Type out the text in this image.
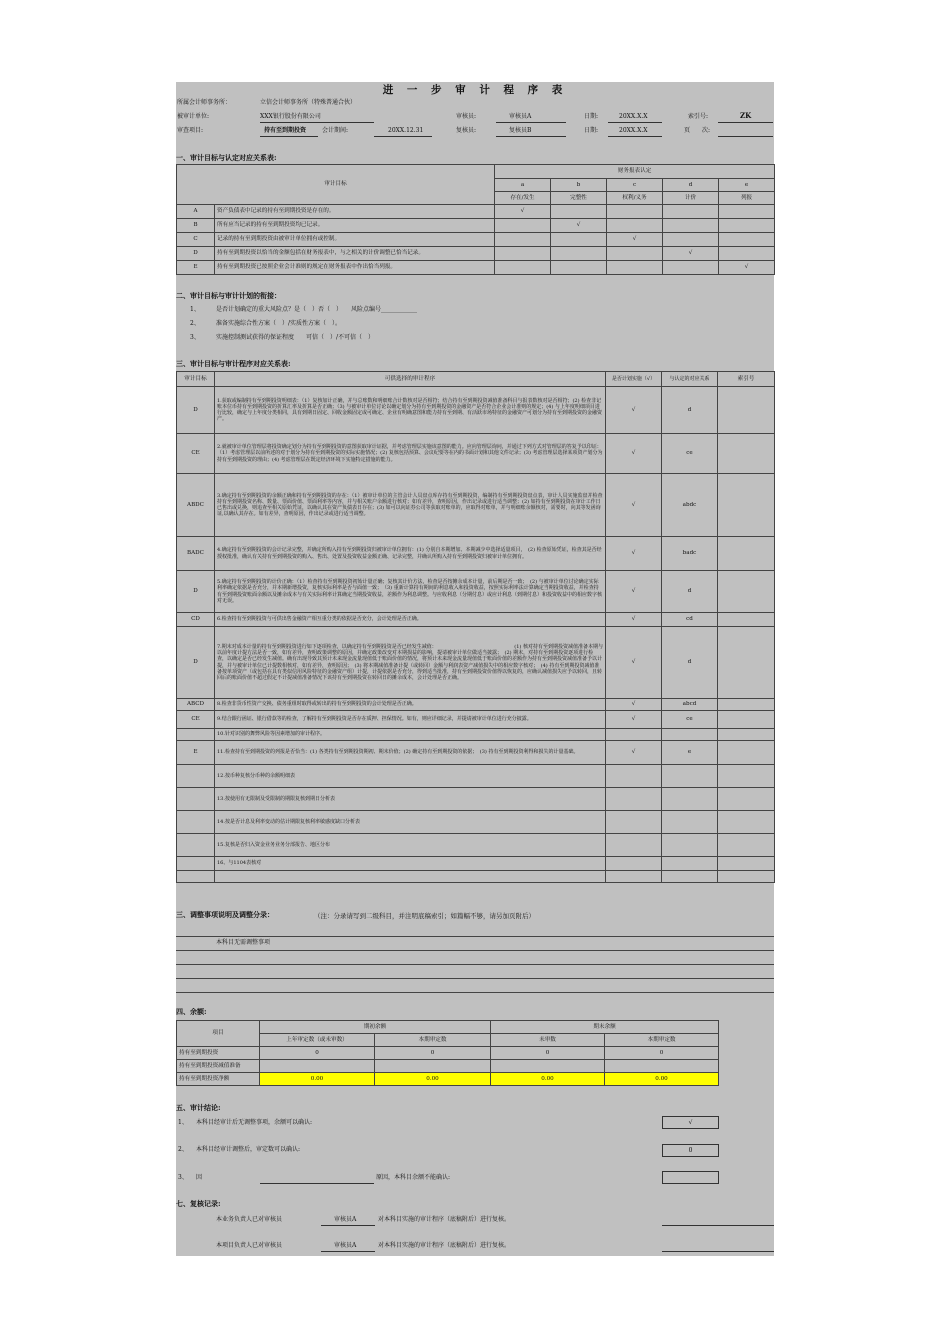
进 一 步 审 计 程 序 表
所属会计师事务所：	立信会计师事务所（特殊普通合伙）
被审计单位:	XXX银行股份有限公司	审核员:	审核员A	日期:	20XX.X.X	索引号:	ZK
审查项目:	持有至到期投资	会计期间:	20XX.12.31	复核员:	复核员B	日期:	20XX.X.X	页　　次:
一、审计目标与认定对应关系表:
审计目标		财务报表认定				
		a	b	c	d	e
		存在/发生	完整性	权利/义务	计价	列报
A	资产负债表中记录的持有至到期投资是存在的。	√				
B	所有应当记录的持有至到期投资均已记录。		√			
C	记录的持有至到期投资由被审计单位拥有或控制。			√		
D	持有至到期投资以恰当的金额包括在财务报表中，与之相关的计价调整已恰当记录。				√	
E	持有至到期投资已按照企业会计准则的规定在财务报表中作出恰当列报。					√
二、审计目标与审计计划的衔接：
1、	是否计划确定的重大风险点？是（　）否（　）　　风险点编号____________
2、	准备实施综合性方案（　）/实质性方案（　）。
3、	实施控制测试获得的保证程度　　可信（　）/不可信（　）
三、审计目标与审计程序对应关系表:
审计目标	可供选择的审计程序	是否计划实施（√）	与认定的对应关系	索引号
D	1.获取或编制持有至到期投资明细表：（1）复核加计正确，并与总账数和明细账合计数核对是否相符；结合持有至到期投资减值准备科目与报表数核对是否相符；(2) 检查非记账本位币持有至到期投资的折算汇率及折算是否正确；（3) 与被审计单位讨论以确定划分为持有至到期投资的金融资产是否符合企业会计准则的规定；(4) 与上年度明细项目进行比较，确定与上年度分类相同，具有到期日固定、回收金额固定或可确定、企业有明确意图和能力持有至到期、有活跃市场特征的金融资产可划分为持有至到期投资的金融资产。	√	d	
CE	2.就被审计单位管理层将投资确定划分为持有至到期投资的意图获取审计证据，并考虑管理层实施该意图的能力。应向管理层询问，并通过下列方式对管理层的答复予以印证：　（1）考虑管理层以前所述的对于划分为持有至到期投资的实际实施情况；(2) 复核包括预算、会议纪要等在内的书面计划和其他文件记录；(3) 考虑管理层选择某项资产划分为持有至到期投资的理由；(4) 考虑管理层在既定经济环境下实施特定措施的能力。	√	ce	
ABDC	3.确定持有至到期投资的余额正确和持有至到期投资的存在：（1）被审计单位的主管会计人员盘点库存持有至到期投资，编制持有至到期投资盘点表，审计人员实施监盘并检查持有至到期投资名称、数量、票面价值、票面利率等内容，并与相关账户余额进行核对；如有差异，查明原因，作出记录或进行适当调整；(2) 如持有至到期投资在审计工作日已售出或兑换，则追查至相关原始凭证，以确认其在资产负债表日存在；(3) 如可以向证券公司等获取对账单的，应取得对账单，并与明细账余额核对，需要时，向其等发函询证,以确认其存在。如有差异，查明原因，作出记录或进行适当调整。	√	abdc	
BADC	4.确定持有至到期投资的会计记录完整，并确定所购入持有至到期投资归被审计单位拥有：(1) 分别自本期增加、本期减少中选择适量项目，　(2) 检查原始凭证，检查其是否经授权批准，确认有关持有至到期投资的购入、售出、处置及投资收益金额正确、记录完整，并确认所购入持有至到期投资归被审计单位拥有。	√	badc	
D	5.确定持有至到期投资的计价正确：（1）检查持有至到期投资初始计量正确；复核其计价方法，检查是否按摊余成本计量，前后期是否一致；　(2) 与被审计单位讨论确定实际利率确定依据是否充分，并本期新增投资，复核实际利率是否与面值一致；　（3) 重新计算持有期间的利息收入和投资收益，按照实际利率法计算确定当期投资收益，并检查持有至到期投资账面余额以及摊余成本与有关实际利率计算确定当期投资收益，差额作为利息调整。与应收利息（分期付息）或应计利息（到期付息）和投资收益中的相应数字核对无误。	√	d	
CD	6.检查持有至到期投资与可供出售金融资产相互重分类的依据是否充分，会计处理是否正确。	√	cd	
D	7.期末对成本计量的持有至到期投资进行如下逐项检查，以确定持有至到期投资是否已经发生减值：　　　　　　　　　　　　　　　　(1) 核对持有至到期投资减值准备本期与以前年度计提方法是否一致，如有差异，查明政策调整的原因，并确定政策改变对本期损益的影响，提请被审计单位做适当披露；　(2) 期末，对持有至到期投资逐项进行检查，以确定是否已经发生减值。确有出现导致其预计未来现金流量现值低于账面价值的情况，将预计未来现金流量现值低于账面价值的差额作为持有至到期投资减值准备予以计提，并与被审计单位已计提数相核对，如有差异，查明原因；　(3) 将本期减值准备计提（或转回）金额与利润表资产减值损失中的相应数字核对；　(4) 持有至到期投资减值准备按单项资产（或包括在具有类似信用风险特征的金融资产组）计提，计提依据是否充分，得到适当批准，持有至到期投资价值得以恢复的，应确认减值损失应予以转回，且转回后的账面价值不超过假定不计提减值准备情况下该持有至到期投资在转回日的摊余成本，会计处理是否正确。	√	d	
ABCD	8.检查非货币性资产交换、债务重组时取得或转出的持有至到期投资的会计处理是否正确。	√	abcd	
CE	9.结合銀行函证、银行借款等的检查，了解持有至到期投资是否存在质押、担保情况。如有，则应详细记录，并提请被审计单位进行充分披露。	√	ce	
	10.针对识别的舞弊风险等因素增加的审计程序。			
E	11.检查持有至到期投资的列报是否恰当：(1) 各类持有至到期投资期初、期末价值；(2) 确定持有至到期投资的依据；　(3) 持有至到期投资利得和损失的计量基础。	√	e	
	12.按币种复核分币种的余额明细表			
	13.按使用有无限制及受限制的期限复核到期日分析表			
	14.按是否计息及利率变动的估计期限复核利率敏感度缺口分析表			
	15.复核是否归入资金业务业务分部报告、地区分布			
	16、与1104表核对			

三、调整事项说明及调整分录：	（注：分录请写到二级科目，并注明底稿索引；如篇幅不够，请另加页附后）
本科目无需调整事项
四、余额:
项目	期初余额		期末余额	
	上年审定数（或未审数）	本期审定数	未审数	本期审定数
持有至到期投资	0	0	0	0
持有至到期投资减值准备				
持有至到期投资净额	0.00	0.00	0.00	0.00
五、审计结论:
1、 本科目经审计后无调整事项，余额可以确认:	√
2、 本科目经审计调整后，审定数可以确认:	0
3、 因	原因，本科目余额不能确认:
七、复核记录:
本业务负责人已对审核员	审核员A	对本科目实施的审计程序（底稿附后）进行复核。
本项目负责人已对审核员	审核员A	对本科目实施的审计程序（底稿附后）进行复核。
